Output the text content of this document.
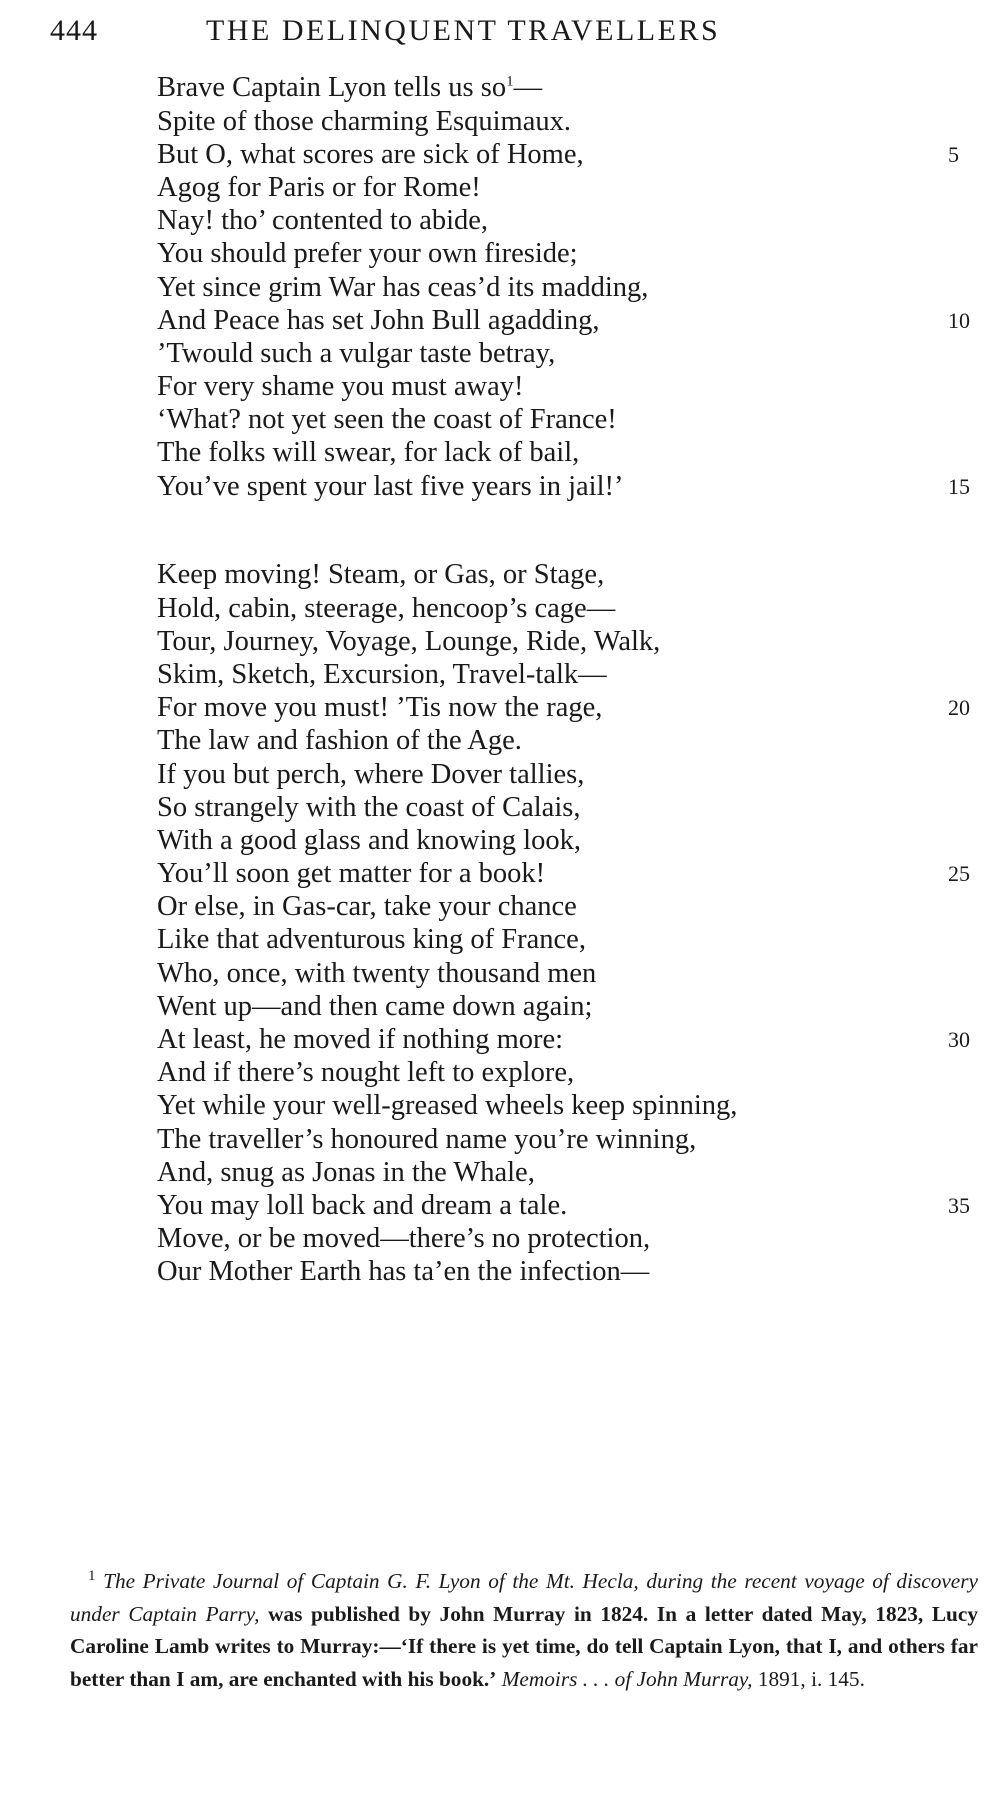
444	THE DELINQUENT TRAVELLERS
Brave Captain Lyon tells us $so^1—$
Spite of those charming Esquimaux.
But O, what scores are sick of Home,
Agog for Paris or for Rome!
Nay! tho’ contented to abide,
You should prefer your own fireside;
Yet since grim War has ceas’d its madding,
And Peace has set John Bull agadding,
’Twould such a vulgar taste betray,
For very shame you must away!
‘What? not yet seen the coast of France!
The folks will swear, for lack of bail,
You’ve spent your last five years in jail!’
Keep moving! Steam, or Gas, or Stage,
Hold, cabin, steerage, hencoop’s cage—
Tour, Journey, Voyage, Lounge, Ride, Walk,
Skim, Sketch, Excursion, Travel-talk—
For move you must! ’Tis now the rage,
The law and fashion of the Age.
If you but perch, where Dover tallies,
So strangely with the coast of Calais,
With a good glass and knowing look,
You’ll soon get matter for a book!
Or else, in Gas-car, take your chance
Like that adventurous king of France,
Who, once, with twenty thousand men
Went up—and then came down again;
At least, he moved if nothing more:
And if there’s nought left to explore,
Yet while your well-greased wheels keep spinning,
The traveller’s honoured name you’re winning,
And, snug as Jonas in the Whale,
You may loll back and dream a tale.
Move, or be moved—there’s no protection,
Our Mother Earth has ta’en the infection—
5
10
15
20
25
30
35
$^1$ The Private Journal of Captain G. F. Lyon of the Mt. Hecla, during the recent voyage of discovery under Captain Parry, was published by John Murray in 1824. In a letter dated May, 1823, Lucy Caroline Lamb writes to Murray:—‘If there is yet time, do tell Captain Lyon, that I, and others far better than I am, are enchanted with his book.’ Memoirs . . . of John Murray, 1891, i. 145.
